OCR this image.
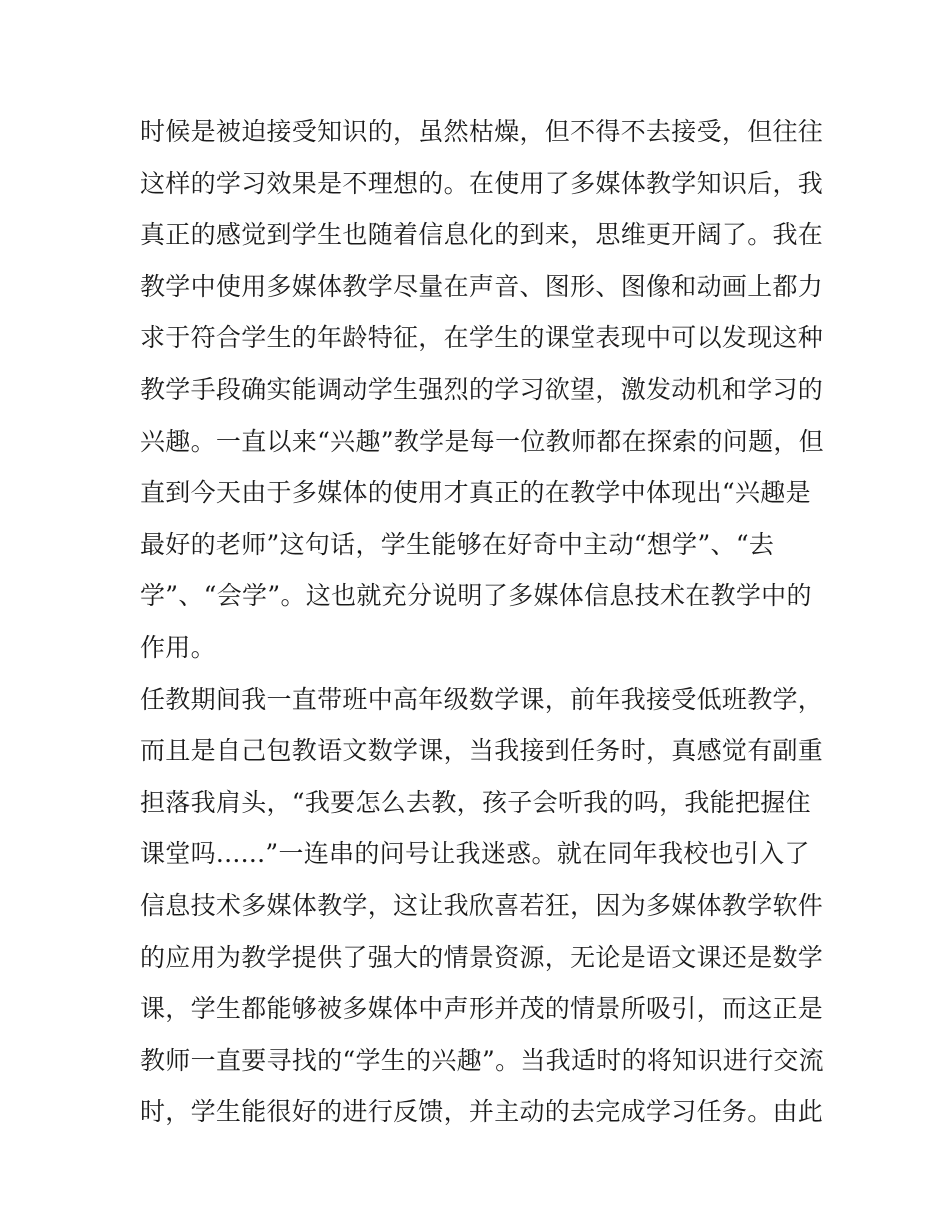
时候是被迫接受知识的，虽然枯燥，但不得不去接受，但往往
这样的学习效果是不理想的。在使用了多媒体教学知识后，我
真正的感觉到学生也随着信息化的到来，思维更开阔了。我在
教学中使用多媒体教学尽量在声音、图形、图像和动画上都力
求于符合学生的年龄特征，在学生的课堂表现中可以发现这种
教学手段确实能调动学生强烈的学习欲望，激发动机和学习的
兴趣。一直以来“兴趣”教学是每一位教师都在探索的问题，但
直到今天由于多媒体的使用才真正的在教学中体现出“兴趣是
最好的老师”这句话，学生能够在好奇中主动“想学”、“去
学”、“会学”。这也就充分说明了多媒体信息技术在教学中的
作用。
任教期间我一直带班中高年级数学课，前年我接受低班教学，
而且是自己包教语文数学课，当我接到任务时，真感觉有副重
担落我肩头，“我要怎么去教，孩子会听我的吗，我能把握住
课堂吗......”一连串的问号让我迷惑。就在同年我校也引入了
信息技术多媒体教学，这让我欣喜若狂，因为多媒体教学软件
的应用为教学提供了强大的情景资源，无论是语文课还是数学
课，学生都能够被多媒体中声形并茂的情景所吸引，而这正是
教师一直要寻找的“学生的兴趣”。当我适时的将知识进行交流
时，学生能很好的进行反馈，并主动的去完成学习任务。由此
